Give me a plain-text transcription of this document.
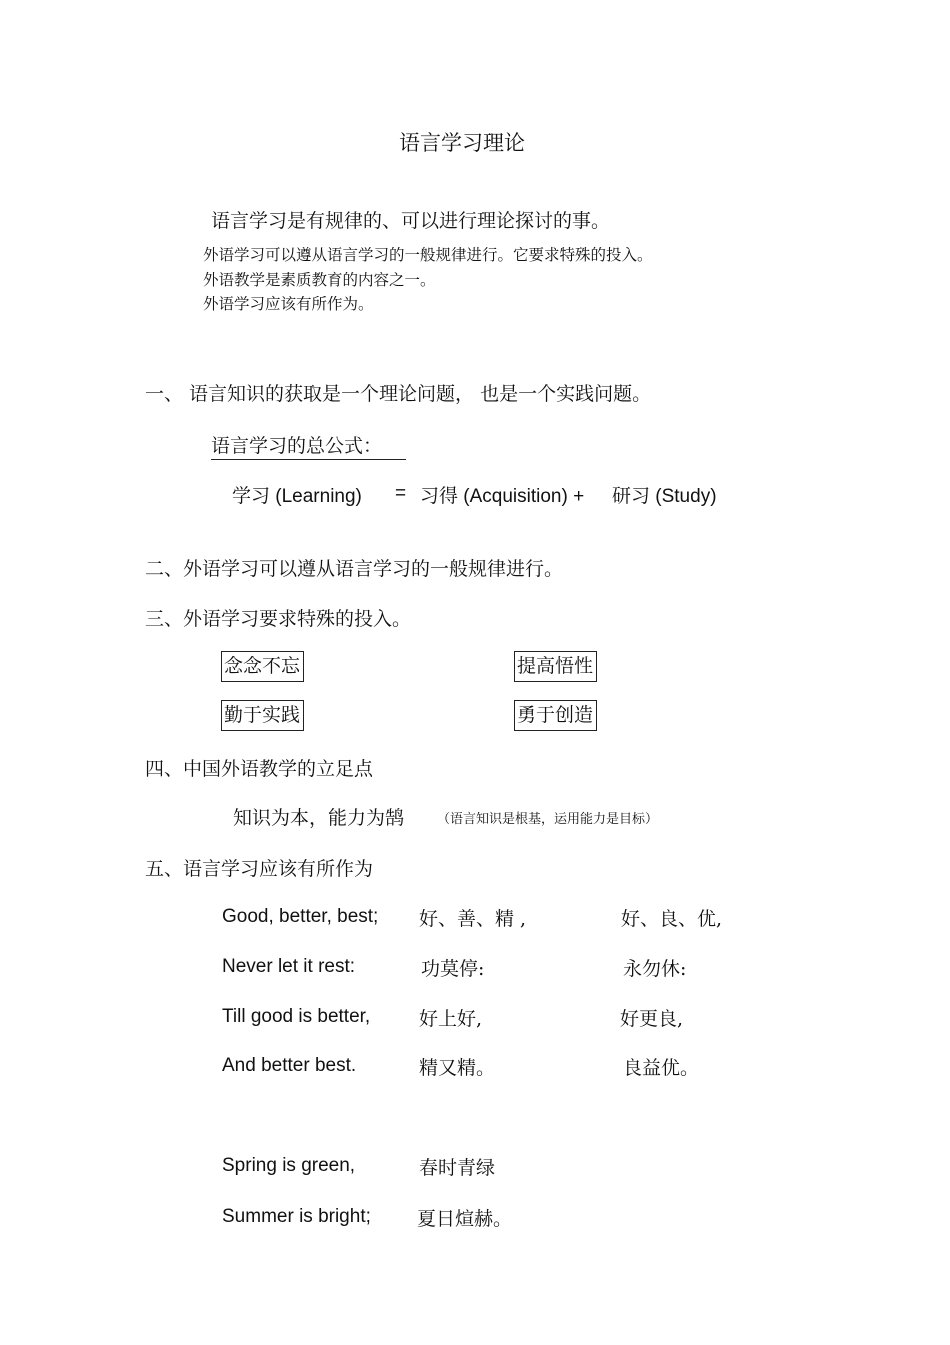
语言学习理论
语言学习是有规律的、可以进行理论探讨的事。
外语学习可以遵从语言学习的一般规律进行。它要求特殊的投入。
外语教学是素质教育的内容之一。
外语学习应该有所作为。
一、 语言知识的获取是一个理论问题， 也是一个实践问题。
语言学习的总公式：
学习 (Learning) = 习得 (Acquisition) + 研习 (Study)
二、外语学习可以遵从语言学习的一般规律进行。
三、外语学习要求特殊的投入。
念念不忘	提高悟性
勤于实践	勇于创造
四、中国外语教学的立足点
知识为本，能力为鹄	（语言知识是根基，运用能力是目标）
五、语言学习应该有所作为
Good, better, best; 好、善、精 ,	好、良、优,
Never let it rest:	功莫停:	永勿休:
Till good is better,	好上好,	好更良,
And better best.	精又精。	良益优。
Spring is green,	春时青绿
Summer is bright; 夏日煊赫。
